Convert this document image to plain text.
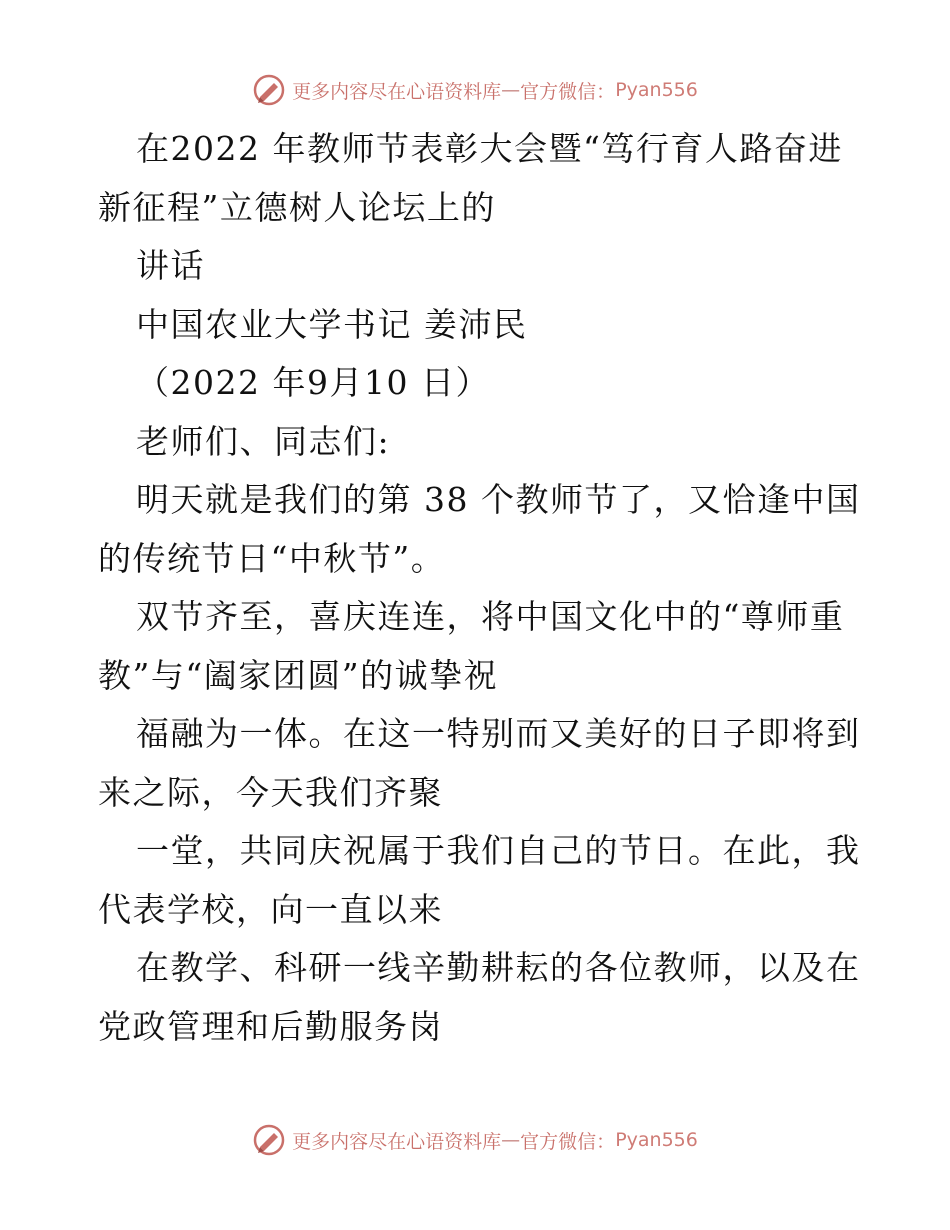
更多内容尽在心语资料库 — 官方微信： Pyan556
在2022 年教师节表彰大会暨“笃行育人路奋进
新征程”立德树人论坛上的
讲话
中国农业大学书记 姜沛民
（2022 年9月10 日）
老师们、同志们:
明天就是我们的第 38 个教师节了，又恰逢中国
的传统节日“中秋节”。
双节齐至，喜庆连连，将中国文化中的“尊师重
教”与“阖家团圆”的诚挚祝
福融为一体。在这一特别而又美好的日子即将到
来之际，今天我们齐聚
一堂，共同庆祝属于我们自己的节日。在此，我
代表学校，向一直以来
在教学、科研一线辛勤耕耘的各位教师，以及在
党政管理和后勤服务岗
更多内容尽在心语资料库 — 官方微信： Pyan556
